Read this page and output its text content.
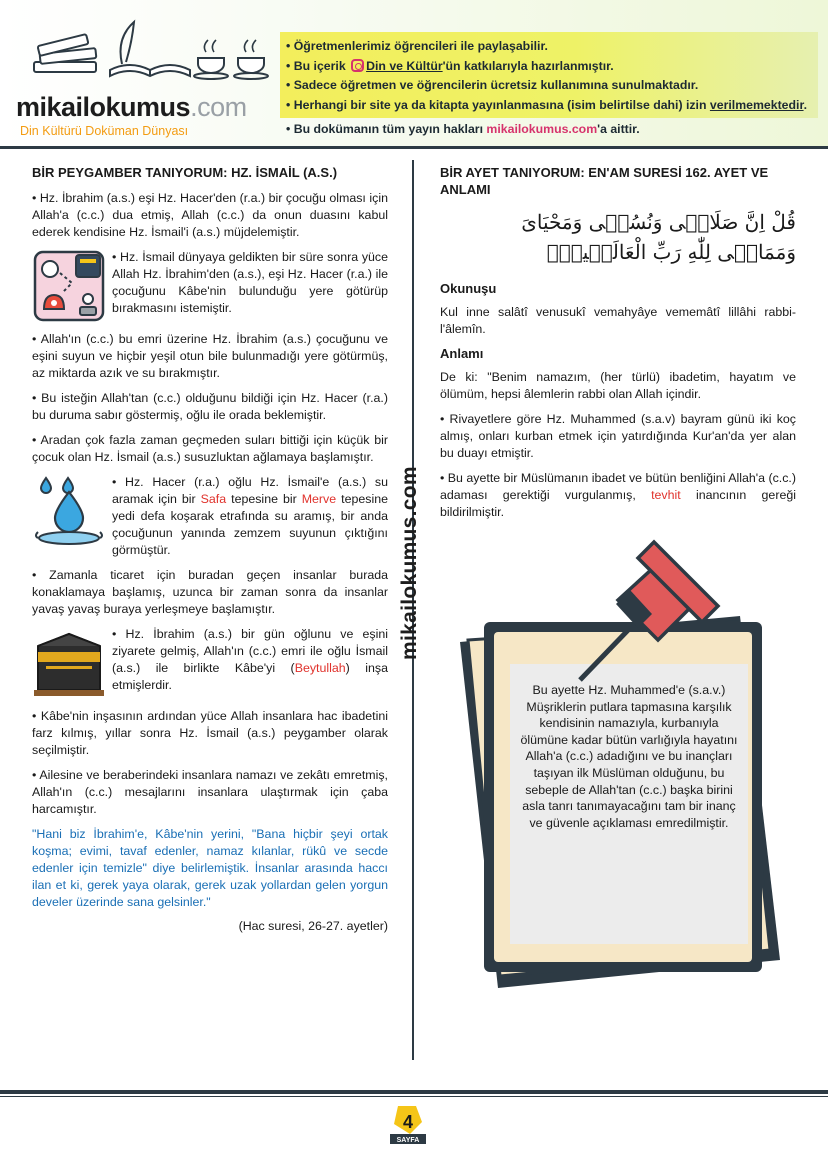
mikailokumus.com
Din Kültürü Doküman Dünyası
• Öğretmenlerimiz öğrencileri ile paylaşabilir.
• Bu içerik Din ve Kültür'ün katkılarıyla hazırlanmıştır.
• Sadece öğretmen ve öğrencilerin ücretsiz kullanımına sunulmaktadır.
• Herhangi bir site ya da kitapta yayınlanmasına (isim belirtilse dahi) izin verilmemektedir.
• Bu dokümanın tüm yayın hakları mikailokumus.com'a aittir.
BİR PEYGAMBER TANIYORUM: HZ. İSMAİL (A.S.)

• Hz. İbrahim (a.s.) eşi Hz. Hacer'den (r.a.) bir çocuğu olması için Allah'a (c.c.) dua etmiş, Allah (c.c.) da onun duasını kabul ederek kendisine Hz. İsmail'i (a.s.) müjdelemiştir.

• Hz. İsmail dünyaya geldikten bir süre sonra yüce Allah Hz. İbrahim'den (a.s.), eşi Hz. Hacer (r.a.) ile çocuğunu Kâbe'nin bulunduğu yere götürüp bırakmasını istemiştir.

• Allah'ın (c.c.) bu emri üzerine Hz. İbrahim (a.s.) çocuğunu ve eşini suyun ve hiçbir yeşil otun bile bulunmadığı yere götürmüş, az miktarda azık ve su bırakmıştır.

• Bu isteğin Allah'tan (c.c.) olduğunu bildiği için Hz. Hacer (r.a.) bu duruma sabır göstermiş, oğlu ile orada beklemiştir.

• Aradan çok fazla zaman geçmeden suları bittiği için küçük bir çocuk olan Hz. İsmail (a.s.) susuzluktan ağlamaya başlamıştır.

• Hz. Hacer (r.a.) oğlu Hz. İsmail'e (a.s.) su aramak için bir Safa tepesine bir Merve tepesine yedi defa koşarak etrafında su aramış, bir anda çocuğunun yanında zemzem suyunun çıktığını görmüştür.

• Zamanla ticaret için buradan geçen insanlar burada konaklamaya başlamış, uzunca bir zaman sonra da insanlar yavaş yavaş buraya yerleşmeye başlamıştır.

• Hz. İbrahim (a.s.) bir gün oğlunu ve eşini ziyarete gelmiş, Allah'ın (c.c.) emri ile oğlu İsmail (a.s.) ile birlikte Kâbe'yi (Beytullah) inşa etmişlerdir.

• Kâbe'nin inşasının ardından yüce Allah insanlara hac ibadetini farz kılmış, yıllar sonra Hz. İsmail (a.s.) peygamber olarak seçilmiştir.

• Ailesine ve beraberindeki insanlara namazı ve zekâtı emretmiş, Allah'ın (c.c.) mesajlarını insanlara ulaştırmak için çaba harcamıştır.

"Hani biz İbrahim'e, Kâbe'nin yerini, "Bana hiçbir şeyi ortak koşma; evimi, tavaf edenler, namaz kılanlar, rükû ve secde edenler için temizle" diye belirlemiştik. İnsanlar arasında haccı ilan et ki, gerek yaya olarak, gerek uzak yollardan gelen yorgun develer üzerinde sana gelsinler."

(Hac suresi, 26-27. ayetler)

mikailokumus.com
BİR AYET TANIYORUM: EN'AM SURESİ 162. AYET VE ANLAMI
قُلْ اِنَّ صَلَاتٖى وَنُسُكٖى وَمَحْيَایَ وَمَمَاتٖى لِلّٰهِ رَبِّ الْعَالَمٖينَۙ
Okunuşu

Kul inne salâtî venusukî vemahyâye vememâtî lillâhi rabbi-l'âlemîn.

Anlamı

De ki: "Benim namazım, (her türlü) ibadetim, hayatım ve ölümüm, hepsi âlemlerin rabbi olan Allah içindir.

• Rivayetlere göre Hz. Muhammed (s.a.v) bayram günü iki koç almış, onları kurban etmek için yatırdığında Kur'an'da yer alan bu duayı etmiştir.

• Bu ayette bir Müslümanın ibadet ve bütün benliğini Allah'a (c.c.) adaması gerektiği vurgulanmış, tevhit inancının gereği bildirilmiştir.

Bu ayette Hz. Muhammed'e (s.a.v.) Müşriklerin putlara tapmasına karşılık kendisinin namazıyla, kurbanıyla ölümüne kadar bütün varlığıyla hayatını Allah'a (c.c.) adadığını ve bu inançları taşıyan ilk Müslüman olduğunu, bu sebeple de Allah'tan (c.c.) başka birini asla tanrı tanımayacağını tam bir inanç ve güvenle açıklaması emredilmiştir.
4
SAYFA
